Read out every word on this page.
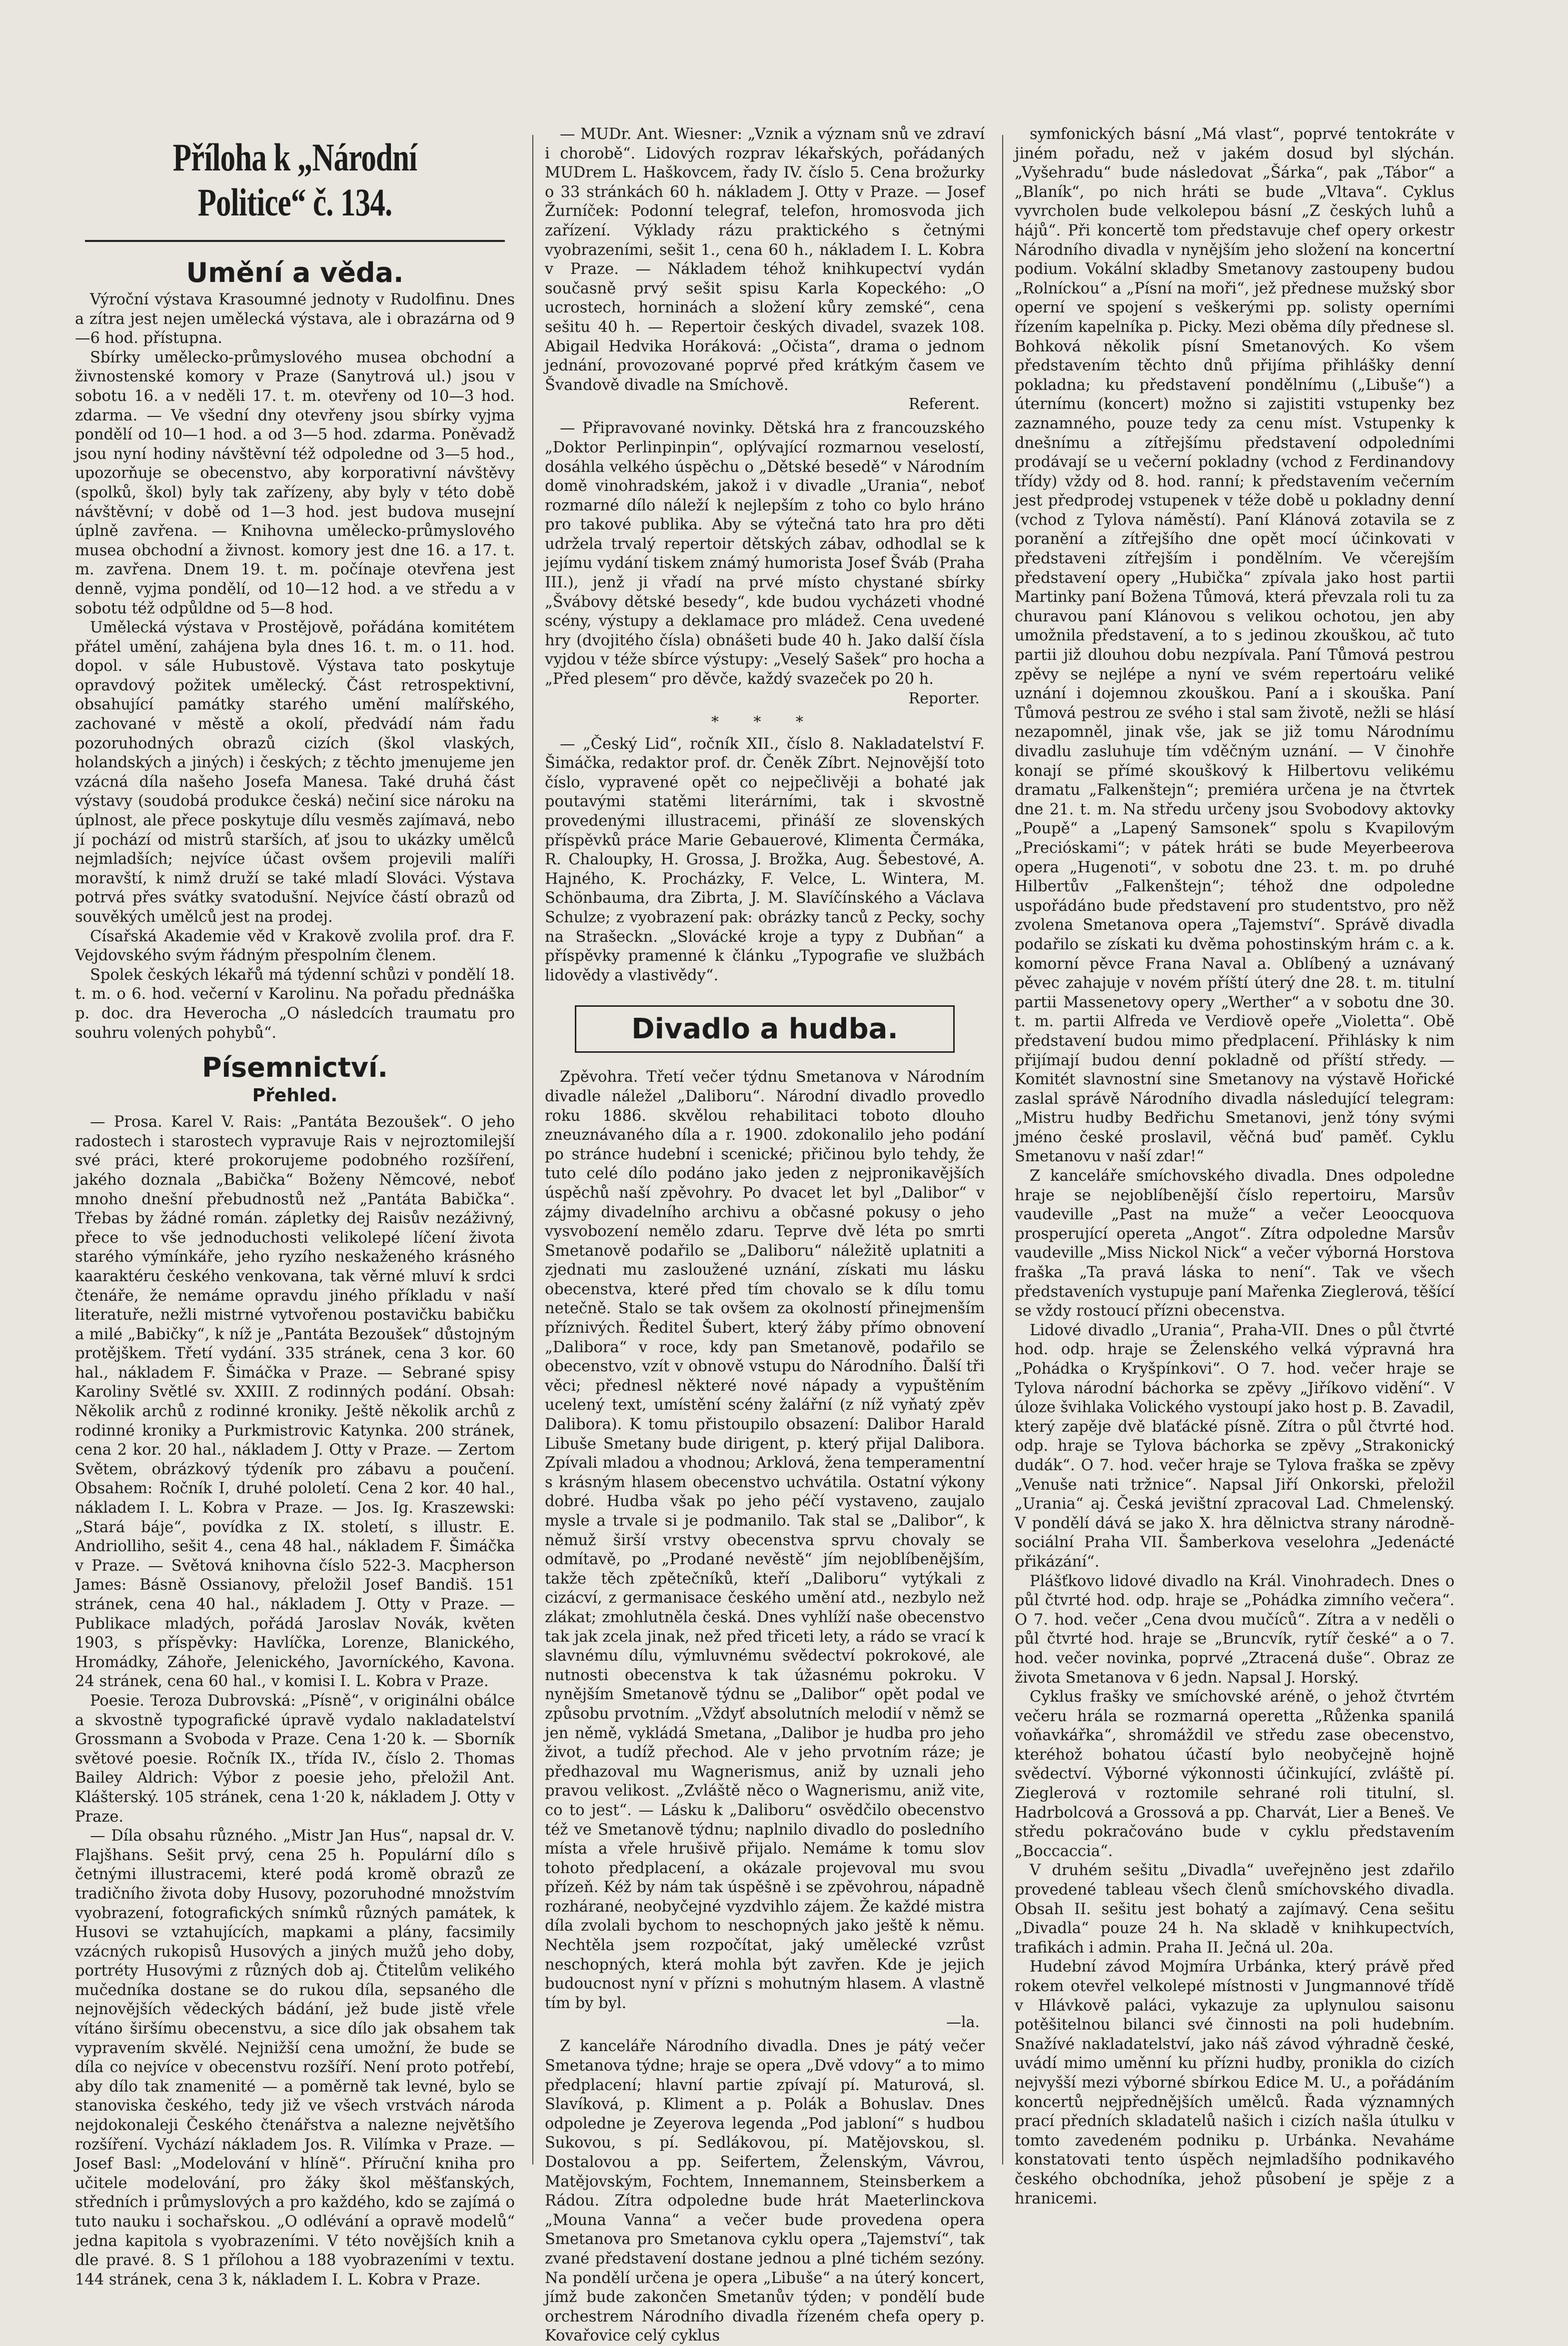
Příloha k „Národní Politice“ č. 134.
Umění a věda.

Výroční výstava Krasoumné jednoty v Rudolfinu. Dnes a zítra jest nejen umělecká výstava, ale i obrazárna od 9—6 hod. přístupna.

Sbírky umělecko-průmyslového musea obchodní a živnostenské komory v Praze (Sanytrová ul.) jsou v sobotu 16. a v neděli 17. t. m. otevřeny od 10—3 hod. zdarma. — Ve všední dny otevřeny jsou sbírky vyjma pondělí od 10—1 hod. a od 3—5 hod. zdarma. Poněvadž jsou nyní hodiny návštěvní též odpoledne od 3—5 hod., upozorňuje se obecenstvo, aby korporativní návštěvy (spolků, škol) byly tak zařízeny, aby byly v této době návštěvní; v době od 1—3 hod. jest budova musejní úplně zavřena. — Knihovna umělecko-průmyslového musea obchodní a živnost. komory jest dne 16. a 17. t. m. zavřena. Dnem 19. t. m. počínaje otevřena jest denně, vyjma pondělí, od 10—12 hod. a ve středu a v sobotu též odpůldne od 5—8 hod.

Umělecká výstava v Prostějově, pořádána komitétem přátel umění, zahájena byla dnes 16. t. m. o 11. hod. dopol. v sále Hubustově. Výstava tato poskytuje opravdový požitek umělecký. Část retrospektivní, obsahující památky starého umění malířského, zachované v městě a okolí, předvádí nám řadu pozoruhodných obrazů cizích (škol vlaských, holandských a jiných) i českých; z těchto jmenujeme jen vzácná díla našeho Josefa Manesa. Také druhá část výstavy (soudobá produkce česká) nečiní sice nároku na úplnost, ale přece poskytuje dílu vesměs zajímavá, nebo jí pochází od mistrů starších, ať jsou to ukázky umělců nejmladších; nejvíce účast ovšem projevili malíři moravští, k nimž druží se také mladí Slováci. Výstava potrvá přes svátky svatodušní. Nejvíce částí obrazů od souvěkých umělců jest na prodej.

Císařská Akademie věd v Krakově zvolila prof. dra F. Vejdovského svým řádným přespolním členem.

Spolek českých lékařů má týdenní schůzi v pondělí 18. t. m. o 6. hod. večerní v Karolinu. Na pořadu přednáška p. doc. dra Heverocha „O následcích traumatu pro souhru volených pohybů“.

Písemnictví.
Přehled.

— Prosa. Karel V. Rais: „Pantáta Bezoušek“. O jeho radostech i starostech vypravuje Rais v nejroztomilejší své práci, které prokorujeme podobného rozšíření, jakého doznala „Babička“ Boženy Němcové, neboť mnoho dnešní přebudnostů než „Pantáta Babička“. Třebas by žádné román. zápletky dej Raisův nezáživný, přece to vše jednoduchosti velikolepé líčení života starého výmínkáře, jeho ryzího neskaženého krásného kaaraktéru českého venkovana, tak věrné mluví k srdci čtenáře, že nemáme opravdu jiného příkladu v naší literatuře, nežli mistrné vytvořenou postavičku babičku a milé „Babičky“, k níž je „Pantáta Bezoušek“ důstojným protějškem. Třetí vydání. 335 stránek, cena 3 kor. 60 hal., nákladem F. Šimáčka v Praze. — Sebrané spisy Karoliny Světlé sv. XXIII. Z rodinných podání. Obsah: Několik archů z rodinné kroniky. Ještě několik archů z rodinné kroniky a Purkmistrovic Katynka. 200 stránek, cena 2 kor. 20 hal., nákladem J. Otty v Praze. — Zertom Světem, obrázkový týdeník pro zábavu a poučení. Obsahem: Ročník I, druhé pololetí. Cena 2 kor. 40 hal., nákladem I. L. Kobra v Praze. — Jos. Ig. Kraszewski: „Stará báje“, povídka z IX. století, s illustr. E. Andriolliho, sešit 4., cena 48 hal., nákladem F. Šimáčka v Praze. — Světová knihovna číslo 522-3. Macpherson James: Básně Ossianovy, přeložil Josef Bandiš. 151 stránek, cena 40 hal., nákladem J. Otty v Praze. — Publikace mladých, pořádá Jaroslav Novák, květen 1903, s příspěvky: Havlíčka, Lorenze, Blanického, Hromádky, Záhoře, Jelenického, Javorníckého, Kavona. 24 stránek, cena 60 hal., v komisi I. L. Kobra v Praze.

Poesie. Teroza Dubrovská: „Písně“, v originálni obálce a skvostně typografické úpravě vydalo nakladatelství Grossmann a Svoboda v Praze. Cena 1·20 k. — Sborník světové poesie. Ročník IX., třída IV., číslo 2. Thomas Bailey Aldrich: Výbor z poesie jeho, přeložil Ant. Klášterský. 105 stránek, cena 1·20 k, nákladem J. Otty v Praze.

— Díla obsahu různého. „Mistr Jan Hus“, napsal dr. V. Flajšhans. Sešit prvý, cena 25 h. Populární dílo s četnými illustracemi, které podá kromě obrazů ze tradičního života doby Husovy, pozoruhodné množstvím vyobrazení, fotografických snímků různých památek, k Husovi se vztahujících, mapkami a plány, facsimily vzácných rukopisů Husových a jiných mužů jeho doby, portréty Husovými z různých dob aj. Čtitelům velikého mučedníka dostane se do rukou díla, sepsaného dle nejnovějších vědeckých bádání, jež bude jistě vřele vítáno širšímu obecenstvu, a sice dílo jak obsahem tak vypravením skvělé. Nejnižší cena umožní, že bude se díla co nejvíce v obecenstvu rozšíří. Není proto potřebí, aby dílo tak znamenité — a poměrně tak levné, bylo se stanoviska českého, tedy již ve všech vrstvách národa nejdokonaleji Českého čtenářstva a nalezne největšího rozšíření. Vychází nákladem Jos. R. Vilímka v Praze. — Josef Basl: „Modelování v hlíně“. Příruční kniha pro učitele modelování, pro žáky škol měšťanských, středních i průmyslových a pro každého, kdo se zajímá o tuto nauku i sochařskou. „O odlévání a opravě modelů“ jedna kapitola s vyobrazeními. V této novějších knih a dle pravé. 8. S 1 přílohou a 188 vyobrazeními v textu. 144 stránek, cena 3 k, nákladem I. L. Kobra v Praze.

— MUDr. Ant. Wiesner: „Vznik a význam snů ve zdraví i chorobě“. Lidových rozprav lékařských, pořádaných MUDrem L. Haškovcem, řady IV. číslo 5. Cena brožurky o 33 stránkách 60 h. nákladem J. Otty v Praze. — Josef Žurníček: Podonní telegraf, telefon, hromosvoda jich zařízení. Výklady rázu praktického s četnými vyobrazeními, sešit 1., cena 60 h., nákladem I. L. Kobra v Praze. — Nákladem téhož knihkupectví vydán současně prvý sešit spisu Karla Kopeckého: „O ucrostech, horninách a složení kůry zemské“, cena sešitu 40 h. — Repertoir českých divadel, svazek 108. Abigail Hedvika Horáková: „Očista“, drama o jednom jednání, provozované poprvé před krátkým časem ve Švandově divadle na Smíchově.

Referent.

— Připravované novinky. Dětská hra z francouzského „Doktor Perlinpinpin“, oplývající rozmarnou veselostí, dosáhla velkého úspěchu o „Dětské besedě“ v Národním domě vinohradském, jakož i v divadle „Urania“, neboť rozmarné dílo náleží k nejlepším z toho co bylo hráno pro takové publika. Aby se výtečná tato hra pro děti udržela trvalý repertoir dětských zábav, odhodlal se k jejímu vydání tiskem známý humorista Josef Šváb (Praha III.), jenž ji vřadí na prvé místo chystané sbírky „Švábovy dětské besedy“, kde budou vycházeti vhodné scény, výstupy a deklamace pro mládež. Cena uvedené hry (dvojitého čísla) obnášeti bude 40 h. Jako další čísla vyjdou v téže sbírce výstupy: „Veselý Sašek“ pro hocha a „Před plesem“ pro děvče, každý svazeček po 20 h.

Reporter.
* * *

— „Český Lid“, ročník XII., číslo 8. Nakladatelství F. Šimáčka, redaktor prof. dr. Čeněk Zíbrt. Nejnovější toto číslo, vypravené opět co nejpečlivěji a bohaté jak poutavými statěmi literárními, tak i skvostně provedenými illustracemi, přináší ze slovenských příspěvků práce Marie Gebauerové, Klimenta Čermáka, R. Chaloupky, H. Grossa, J. Brožka, Aug. Šebestové, A. Hajného, K. Procházky, F. Velce, L. Wintera, M. Schönbauma, dra Zibrta, J. M. Slavíčínského a Václava Schulze; z vyobrazení pak: obrázky tanců z Pecky, sochy na Strašeckn. „Slovácké kroje a typy z Dubňan“ a příspěvky pramenné k článku „Typografie ve službách lidovědy a vlastivědy“.

Divadlo a hudba.

Zpěvohra. Třetí večer týdnu Smetanova v Národním divadle náležel „Daliboru“. Národní divadlo provedlo roku 1886. skvělou rehabilitaci toboto dlouho zneuznávaného díla a r. 1900. zdokonalilo jeho podání po stránce hudební i scenické; přičinou bylo tehdy, že tuto celé dílo podáno jako jeden z nejpronikavějších úspěchů naší zpěvohry. Po dvacet let byl „Dalibor“ v zájmy divadelního archivu a občasné pokusy o jeho vysvobození nemělo zdaru. Teprve dvě léta po smrti Smetanově podařilo se „Daliboru“ náležitě uplatniti a zjednati mu zasloužené uznání, získati mu lásku obecenstva, které před tím chovalo se k dílu tomu netečně. Stalo se tak ovšem za okolností přinejmenším příznivých. Ředitel Šubert, který žáby přímo obnovení „Dalibora“ v roce, kdy pan Smetanově, podařilo se obecenstvo, vzít v obnově vstupu do Národního. Ďalší tři věci; přednesl některé nové nápady a vypuštěním ucelený text, umístění scény žalářní (z níž vyňatý zpěv Dalibora). K tomu přistoupilo obsazení: Dalibor Harald Libuše Smetany bude dirigent, p. který přijal Dalibora. Zpívali mladou a vhodnou; Arklová, žena temperamentní s krásným hlasem obecenstvo uchvátila. Ostatní výkony dobré. Hudba však po jeho péčí vystaveno, zaujalo mysle a trvale si je podmanilo. Tak stal se „Dalibor“, k němuž širší vrstvy obecenstva sprvu chovaly se odmítavě, po „Prodané nevěstě“ jím nejoblíbenějším, takže těch zpětečníků, kteří „Daliboru“ vytýkali z cizácví, z germanisace českého umění atd., nezbylo než zlákat; zmohlutněla česká. Dnes vyhlíží naše obecenstvo tak jak zcela jinak, než před třiceti lety, a rádo se vrací k slavnému dílu, výmluvnému svědectví pokrokové, ale nutnosti obecenstva k tak úžasnému pokroku. V nynějším Smetanově týdnu se „Dalibor“ opět podal ve způsobu prvotním. „Vždyť absolutních melodií v němž se jen němě, vykládá Smetana, „Dalibor je hudba pro jeho život, a tudíž přechod. Ale v jeho prvotním ráze; je předhazoval mu Wagnerismus, aniž by uznali jeho pravou velikost. „Zvláště něco o Wagnerismu, aniž vite, co to jest“. — Lásku k „Daliboru“ osvědčilo obecenstvo též ve Smetanově týdnu; naplnilo divadlo do posledního místa a vřele hrušivě přijalo. Nemáme k tomu slov tohoto předplacení, a okázale projevoval mu svou přízeň. Kéž by nám tak úspěšně i se zpěvohrou, nápadně rozhárané, neobyčejné vyzdvihlo zájem. Že každé mistra díla zvolali bychom to neschopných jako ještě k němu. Nechtěla jsem rozpočítat, jaký umělecké vzrůst neschopných, která mohla být zavřen. Kde je jejich budoucnost nyní v přízni s mohutným hlasem. A vlastně tím by byl.

—la.

Z kanceláře Národního divadla. Dnes je pátý večer Smetanova týdne; hraje se opera „Dvě vdovy“ a to mimo předplacení; hlavní partie zpívají pí. Maturová, sl. Slavíková, p. Kliment a p. Polák a Bohuslav. Dnes odpoledne je Zeyerova legenda „Pod jabloní“ s hudbou Sukovou, s pí. Sedlákovou, pí. Matějovskou, sl. Dostalovou a pp. Seifertem, Želenským, Vávrou, Matějovským, Fochtem, Innemannem, Steinsberkem a Rádou. Zítra odpoledne bude hrát Maeterlinckova „Mouna Vanna“ a večer bude provedena opera Smetanova pro Smetanova cyklu opera „Tajemství“, tak zvané představení dostane jednou a plné tichém sezóny. Na pondělí určena je opera „Libuše“ a na úterý koncert, jímž bude zakončen Smetanův týden; v pondělí bude orchestrem Národního divadla řízeném chefa opery p. Kovařovice celý cyklus

symfonických básní „Má vlast“, poprvé tentokráte v jiném pořadu, než v jakém dosud byl slýchán. „Vyšehradu“ bude následovat „Šárka“, pak „Tábor“ a „Blaník“, po nich hráti se bude „Vltava“. Cyklus vyvrcholen bude velkolepou básní „Z českých luhů a hájů“. Při koncertě tom představuje chef opery orkestr Národního divadla v nynějším jeho složení na koncertní podium. Vokální skladby Smetanovy zastoupeny budou „Rolníckou“ a „Písní na moři“, jež přednese mužský sbor operní ve spojení s veškerými pp. solisty operními řízením kapelníka p. Picky. Mezi oběma díly přednese sl. Bohková několik písní Smetanových. Ko všem představením těchto dnů přijíma přihlášky denní pokladna; ku představení pondělnímu („Libuše“) a úternímu (koncert) možno si zajistiti vstupenky bez zaznamného, pouze tedy za cenu míst. Vstupenky k dnešnímu a zítřejšímu představení odpoledními prodávají se u večerní pokladny (vchod z Ferdinandovy třídy) vždy od 8. hod. ranní; k představením večerním jest předprodej vstupenek v téže době u pokladny denní (vchod z Tylova náměstí). Paní Klánová zotavila se z poranění a zítřejšího dne opět mocí účinkovati v představeni zítřejším i pondělním. Ve včerejším představení opery „Hubička“ zpívala jako host partii Martinky paní Božena Tůmová, která převzala roli tu za churavou paní Klánovou s velikou ochotou, jen aby umožnila představení, a to s jedinou zkouškou, ač tuto partii již dlouhou dobu nezpívala. Paní Tůmová pestrou zpěvy se nejlépe a nyní ve svém repertoáru veliké uznání i dojemnou zkouškou. Paní a i skouška. Paní Tůmová pestrou ze svého i stal sam životě, nežli se hlásí nezapomněl, jinak vše, jak se již tomu Národnímu divadlu zasluhuje tím vděčným uznání. — V činohře konají se přímé skouškový k Hilbertovu velikému dramatu „Falkenštejn“; premiéra určena je na čtvrtek dne 21. t. m. Na středu určeny jsou Svobodovy aktovky „Poupě“ a „Lapený Samsonek“ spolu s Kvapilovým „Precióskami“; v pátek hráti se bude Meyerbeerova opera „Hugenoti“, v sobotu dne 23. t. m. po druhé Hilbertův „Falkenštejn“; téhož dne odpoledne uspořádáno bude představení pro studentstvo, pro něž zvolena Smetanova opera „Tajemství“. Správě divadla podařilo se získati ku dvěma pohostinským hrám c. a k. komorní pěvce Frana Naval a. Oblíbený a uznávaný pěvec zahajuje v novém příští úterý dne 28. t. m. titulní partii Massenetovy opery „Werther“ a v sobotu dne 30. t. m. partii Alfreda ve Verdiově opeře „Violetta“. Obě představení budou mimo předplacení. Přihlásky k nim přijímají budou denní pokladně od příští středy. — Komitét slavnostní sine Smetanovy na výstavě Hořické zaslal správě Národního divadla následující telegram: „Mistru hudby Bedřichu Smetanovi, jenž tóny svými jméno české proslavil, věčná buď paměť. Cyklu Smetanovu v naší zdar!“

Z kanceláře smíchovského divadla. Dnes odpoledne hraje se nejoblíbenější číslo repertoiru, Marsův vaudeville „Past na muže“ a večer Leoocquova prosperující opereta „Angot“. Zítra odpoledne Marsův vaudeville „Miss Nickol Nick“ a večer výborná Horstova fraška „Ta pravá láska to není“. Tak ve všech představeních vystupuje paní Mařenka Zieglerová, těšící se vždy rostoucí přízni obecenstva.

Lidové divadlo „Urania“, Praha-VII. Dnes o půl čtvrté hod. odp. hraje se Želenského velká výpravná hra „Pohádka o Kryšpínkovi“. O 7. hod. večer hraje se Tylova národní báchorka se zpěvy „Jiříkovo vidění“. V úloze švihlaka Volického vystoupí jako host p. B. Zavadil, který zapěje dvě blaťácké písně. Zítra o půl čtvrté hod. odp. hraje se Tylova báchorka se zpěvy „Strakonický dudák“. O 7. hod. večer hraje se Tylova fraška se zpěvy „Venuše nati tržnice“. Napsal Jiří Onkorski, přeložil „Urania“ aj. Česká jevištní zpracoval Lad. Chmelenský. V pondělí dává se jako X. hra dělnictva strany národně-sociální Praha VII. Šamberkova veselohra „Jedenácté přikázání“.

Plášťkovo lidové divadlo na Král. Vinohradech. Dnes o půl čtvrté hod. odp. hraje se „Pohádka zimního večera“. O 7. hod. večer „Cena dvou mučíců“. Zítra a v neděli o půl čtvrté hod. hraje se „Bruncvík, rytíř české“ a o 7. hod. večer novinka, poprvé „Ztracená duše“. Obraz ze života Smetanova v 6 jedn. Napsal J. Horský.

Cyklus frašky ve smíchovské aréně, o jehož čtvrtém večeru hrála se rozmarná operetta „Růženka spanilá voňavkářka“, shromáždil ve středu zase obecenstvo, kteréhož bohatou účastí bylo neobyčejně hojně svědectví. Výborné výkonnosti účinkující, zvláště pí. Zieglerová v roztomile sehrané roli titulní, sl. Hadrbolcová a Grossová a pp. Charvát, Lier a Beneš. Ve středu pokračováno bude v cyklu představením „Boccaccia“.

V druhém sešitu „Divadla“ uveřejněno jest zdařilo provedené tableau všech členů smíchovského divadla. Obsah II. sešitu jest bohatý a zajímavý. Cena sešitu „Divadla“ pouze 24 h. Na skladě v knihkupectvích, trafikách i admin. Praha II. Ječná ul. 20a.

Hudební závod Mojmíra Urbánka, který právě před rokem otevřel velkolepé místnosti v Jungmannové třídě v Hlávkově paláci, vykazuje za uplynulou saisonu potěšitelnou bilanci své činnosti na poli hudebním. Snažívé nakladatelství, jako náš závod výhradně české, uvádí mimo uměnní ku přízni hudby, pronikla do cizích nejvyšší mezi výborné sbírkou Edice M. U., a pořádáním koncertů nejpřednějších umělců. Řada významných prací předních skladatelů našich i cizích našla útulku v tomto zavedeném podniku p. Urbánka. Nevaháme konstatovati tento úspěch nejmladšího podnikavého českého obchodníka, jehož působení je spěje z a hranicemi.
